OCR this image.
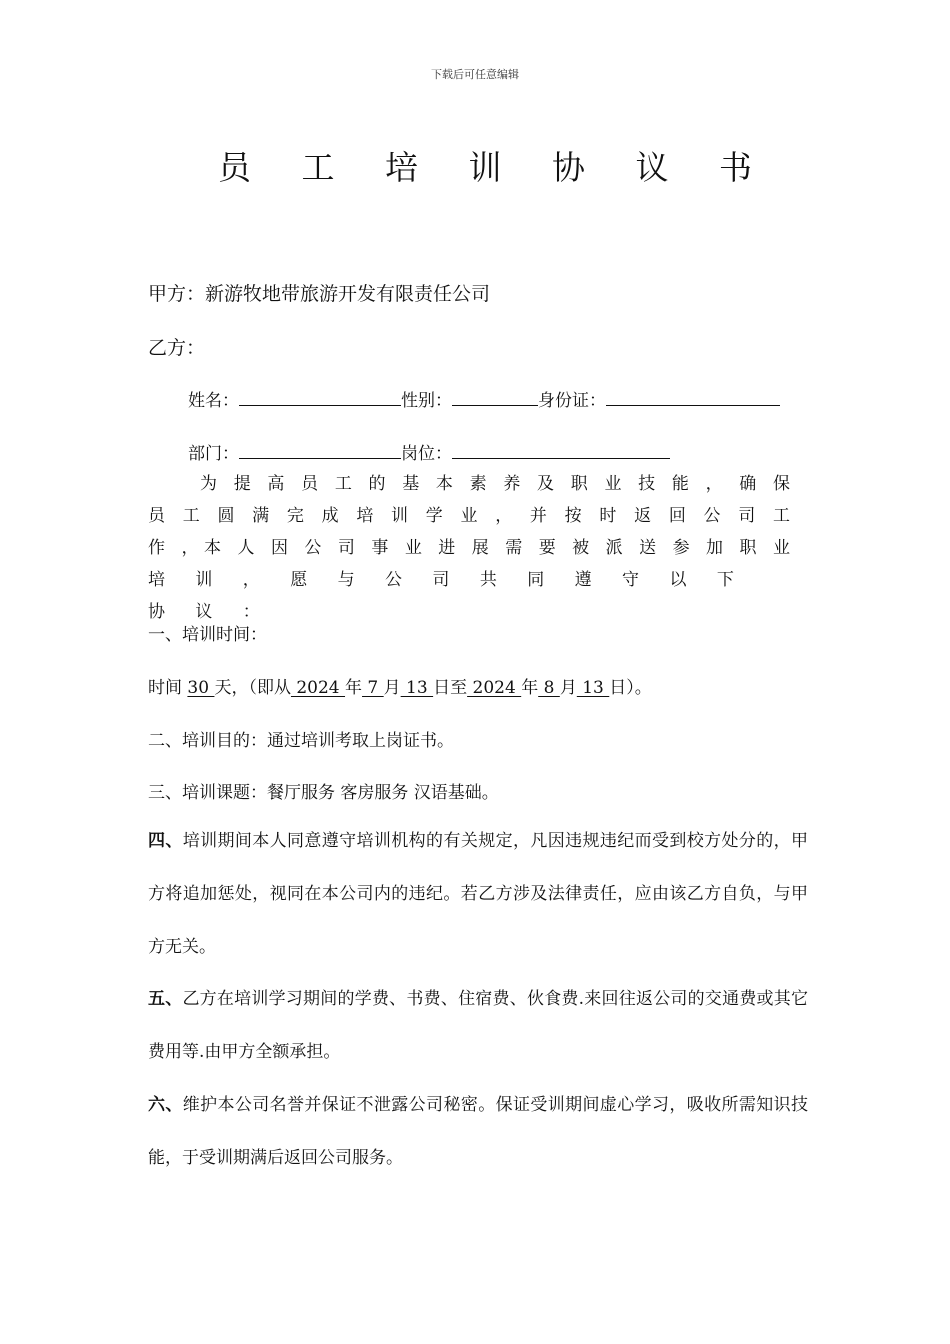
下载后可任意编辑
员 工 培 训 协 议 书
甲方：新游牧地带旅游开发有限责任公司
乙方：
姓名：	性别：	身份证：
部门：	岗位：
为 提 高 员 工 的 基 本 素 养 及 职 业 技 能 ， 确 保
员 工 圆 满 完 成 培 训 学 业 ， 并 按 时 返 回 公 司 工
作 ，本 人 因 公 司 事 业 进 展 需 要 被 派 送 参 加 职 业
培 训 ， 愿 与 公 司 共 同 遵 守 以 下 协 议 ：
一、培训时间：
时间 30 天，（即从 2024 年 7 月 13 日至 2024 年 8 月 13 日）。
二、培训目的：通过培训考取上岗证书。
三、培训课题：餐厅服务 客房服务 汉语基础。
四、培训期间本人同意遵守培训机构的有关规定，凡因违规违纪而受到校方处分的，甲方将追加惩处，视同在本公司内的违纪。若乙方涉及法律责任，应由该乙方自负，与甲方无关。
五、乙方在培训学习期间的学费、书费、住宿费、伙食费.来回往返公司的交通费或其它费用等.由甲方全额承担。
六、维护本公司名誉并保证不泄露公司秘密。保证受训期间虚心学习，吸收所需知识技能，于受训期满后返回公司服务。
